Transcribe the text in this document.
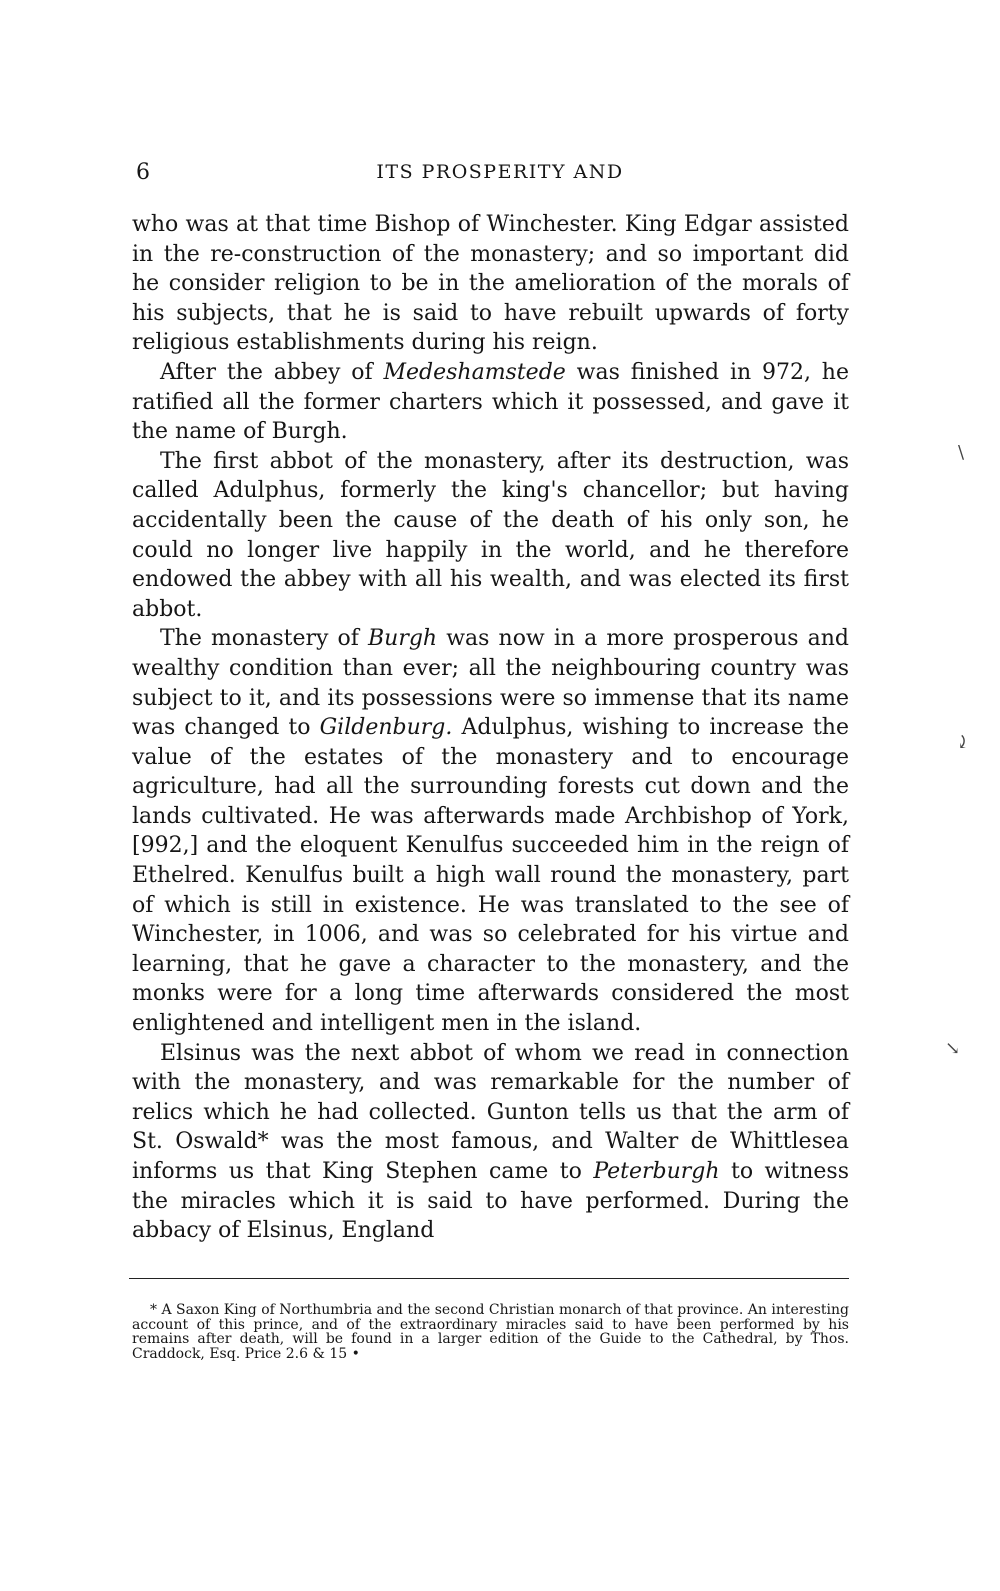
6	ITS PROSPERITY AND

who was at that time Bishop of Winchester. King Edgar assisted in the re-construction of the monastery; and so important did he consider religion to be in the amelioration of the morals of his subjects, that he is said to have rebuilt upwards of forty religious establishments during his reign.

After the abbey of Medeshamstede was finished in 972, he ratified all the former charters which it possessed, and gave it the name of Burgh.

The first abbot of the monastery, after its destruction, was called Adulphus, formerly the king's chancellor; but having accidentally been the cause of the death of his only son, he could no longer live happily in the world, and he therefore endowed the abbey with all his wealth, and was elected its first abbot.

The monastery of Burgh was now in a more prosperous and wealthy condition than ever; all the neighbouring country was subject to it, and its possessions were so immense that its name was changed to Gildenburg. Adulphus, wishing to increase the value of the estates of the monastery and to encourage agriculture, had all the surrounding forests cut down and the lands cultivated. He was afterwards made Archbishop of York, [992,] and the eloquent Kenulfus succeeded him in the reign of Ethelred. Kenulfus built a high wall round the monastery, part of which is still in existence. He was translated to the see of Winchester, in 1006, and was so celebrated for his virtue and learning, that he gave a character to the monastery, and the monks were for a long time afterwards considered the most enlightened and intelligent men in the island.

Elsinus was the next abbot of whom we read in connection with the monastery, and was remarkable for the number of relics which he had collected. Gunton tells us that the arm of St. Oswald* was the most famous, and Walter de Whittlesea informs us that King Stephen came to Peterburgh to witness the miracles which it is said to have performed. During the abbacy of Elsinus, England

\
⤸
↘

* A Saxon King of Northumbria and the second Christian monarch of that province. An interesting account of this prince, and of the extraordinary miracles said to have been performed by his remains after death, will be found in a larger edition of the Guide to the Cathedral, by Thos. Craddock, Esq. Price 2.6 & 15 •
